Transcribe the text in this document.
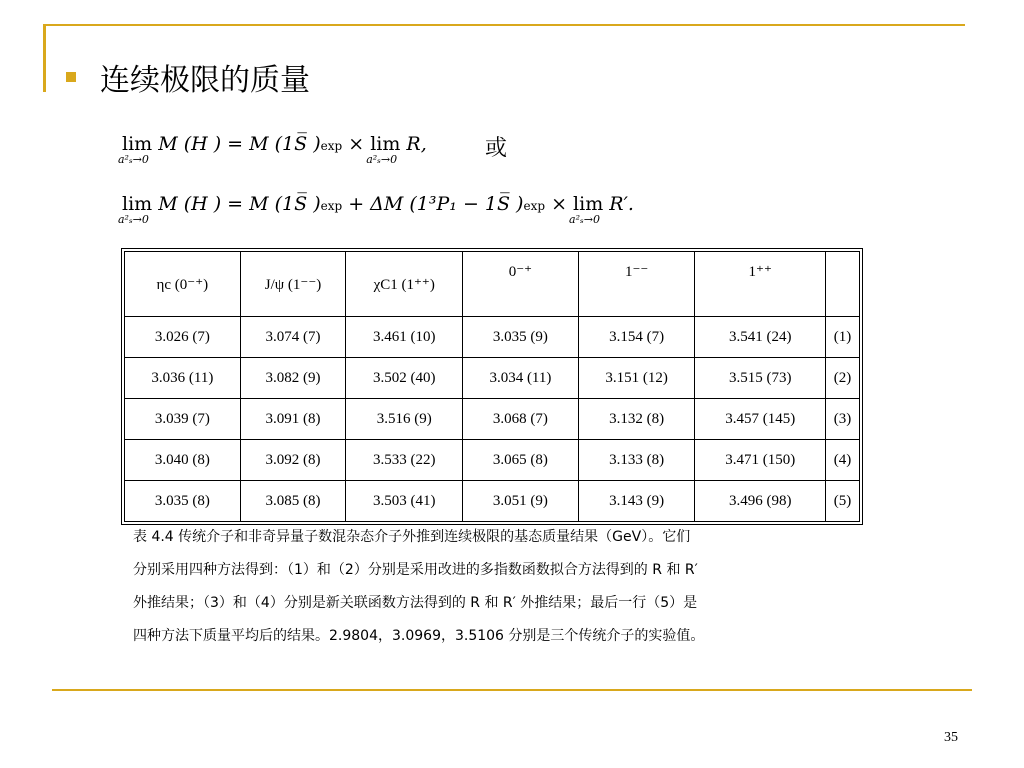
连续极限的质量
lim
a²ₛ→0
M (H ) = M (1S̅ )exp × lim
a²ₛ→0
R,	或
lim
a²ₛ→0
M (H ) = M (1S̅ )exp + ΔM (1³P₁ − 1S̅ )exp × lim
a²ₛ→0
R′.
ηc (0⁻⁺)	J/ψ (1⁻⁻)	χC1 (1⁺⁺)	0⁻⁺	1⁻⁻	1⁺⁺	
3.026 (7)	3.074 (7)	3.461 (10)	3.035 (9)	3.154 (7)	3.541 (24)	(1)
3.036 (11)	3.082 (9)	3.502 (40)	3.034 (11)	3.151 (12)	3.515 (73)	(2)
3.039 (7)	3.091 (8)	3.516 (9)	3.068 (7)	3.132 (8)	3.457 (145)	(3)
3.040 (8)	3.092 (8)	3.533 (22)	3.065 (8)	3.133 (8)	3.471 (150)	(4)
3.035 (8)	3.085 (8)	3.503 (41)	3.051 (9)	3.143 (9)	3.496 (98)	(5)
表 4.4 传统介子和非奇异量子数混杂态介子外推到连续极限的基态质量结果（GeV）。它们
分别采用四种方法得到：（1）和（2）分别是采用改进的多指数函数拟合方法得到的 R 和 R′
外推结果；（3）和（4）分别是新关联函数方法得到的 R 和 R′ 外推结果；最后一行（5）是
四种方法下质量平均后的结果。2.9804，3.0969，3.5106 分别是三个传统介子的实验值。
35
